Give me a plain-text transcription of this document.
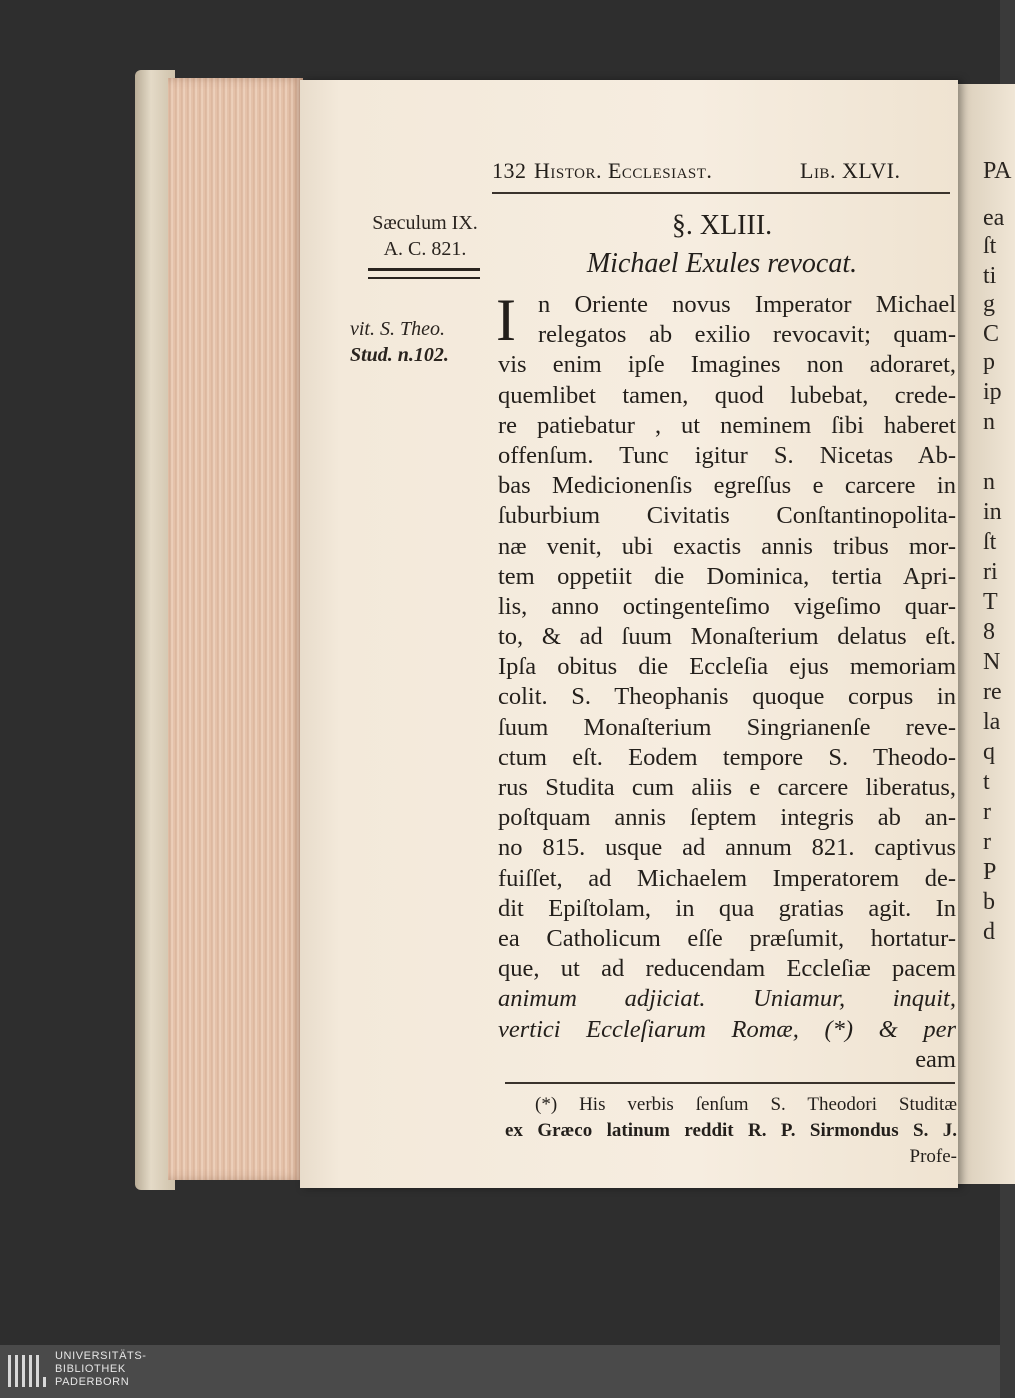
PA
ea
ſt
ti
g
C
p
ip
n
n
in
ſt
ri
T
8
N
re
la
q
t
r
r
P
b
d
132 Histor. Ecclesiast.	Lib. XLVI.
Sæculum IX.
A. C. 821.
vit. S. Theo.
Stud. n.102.
§. XLIII.
Michael Exules revocat.
I n Oriente novus Imperator Michael
relegatos ab exilio revocavit; quam-
vis enim ipſe Imagines non adoraret,
quemlibet tamen, quod lubebat, crede-
re patiebatur , ut neminem ſibi haberet
offenſum. Tunc igitur S. Nicetas Ab-
bas Medicionenſis egreſſus e carcere in
ſuburbium Civitatis Conſtantinopolita-
næ venit, ubi exactis annis tribus mor-
tem oppetiit die Dominica, tertia Apri-
lis, anno octingenteſimo vigeſimo quar-
to, & ad ſuum Monaſterium delatus eſt.
Ipſa obitus die Eccleſia ejus memoriam
colit. S. Theophanis quoque corpus in
ſuum Monaſterium Singrianenſe reve-
ctum eſt. Eodem tempore S. Theodo-
rus Studita cum aliis e carcere liberatus,
poſtquam annis ſeptem integris ab an-
no 815. usque ad annum 821. captivus
fuiſſet, ad Michaelem Imperatorem de-
dit Epiſtolam, in qua gratias agit. In
ea Catholicum eſſe præſumit, hortatur-
que, ut ad reducendam Eccleſiæ pacem
animum adjiciat. Uniamur, inquit,
vertici Eccleſiarum Romæ, (*) & per
eam
(*) His verbis ſenſum S. Theodori Studitæ
ex Græco latinum reddit R. P. Sirmondus S. J.
Profe-
UNIVERSITÄTS-
BIBLIOTHEK
PADERBORN
